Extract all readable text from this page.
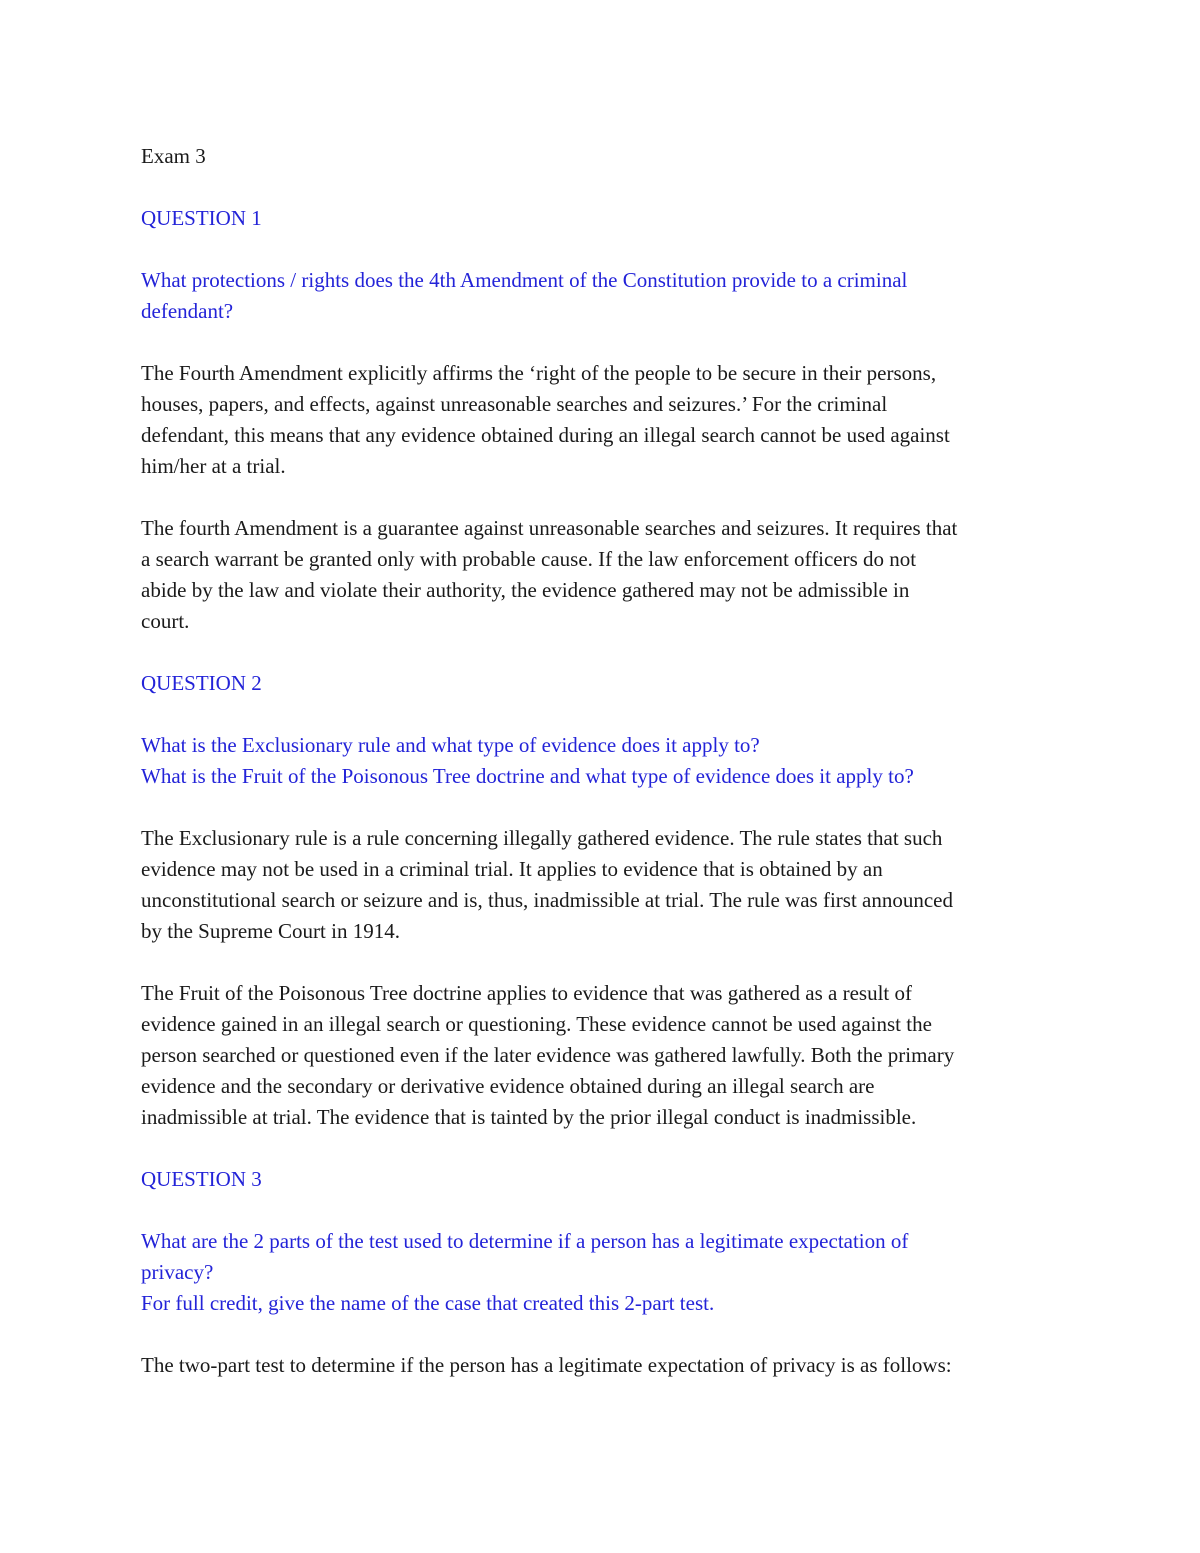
Exam 3

QUESTION 1

What protections / rights does the 4th Amendment of the Constitution provide to a criminal
defendant?

The Fourth Amendment explicitly affirms the ‘right of the people to be secure in their persons,
houses, papers, and effects, against unreasonable searches and seizures.’ For the criminal
defendant, this means that any evidence obtained during an illegal search cannot be used against
him/her at a trial.

The fourth Amendment is a guarantee against unreasonable searches and seizures. It requires that
a search warrant be granted only with probable cause. If the law enforcement officers do not
abide by the law and violate their authority, the evidence gathered may not be admissible in
court.

QUESTION 2

What is the Exclusionary rule and what type of evidence does it apply to?
What is the Fruit of the Poisonous Tree doctrine and what type of evidence does it apply to?

The Exclusionary rule is a rule concerning illegally gathered evidence. The rule states that such
evidence may not be used in a criminal trial. It applies to evidence that is obtained by an
unconstitutional search or seizure and is, thus, inadmissible at trial. The rule was first announced
by the Supreme Court in 1914.

The Fruit of the Poisonous Tree doctrine applies to evidence that was gathered as a result of
evidence gained in an illegal search or questioning. These evidence cannot be used against the
person searched or questioned even if the later evidence was gathered lawfully. Both the primary
evidence and the secondary or derivative evidence obtained during an illegal search are
inadmissible at trial. The evidence that is tainted by the prior illegal conduct is inadmissible.

QUESTION 3

What are the 2 parts of the test used to determine if a person has a legitimate expectation of
privacy?
For full credit, give the name of the case that created this 2-part test.

The two-part test to determine if the person has a legitimate expectation of privacy is as follows:
